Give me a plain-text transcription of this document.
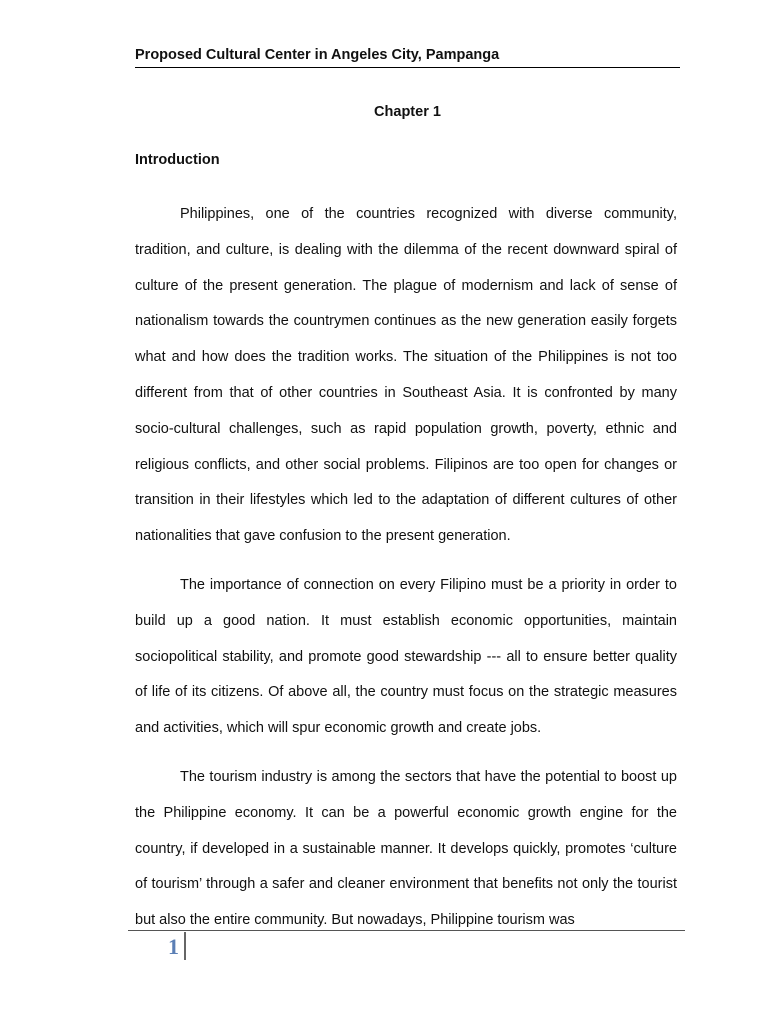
Proposed Cultural Center in Angeles City, Pampanga
Chapter 1
Introduction

Philippines, one of the countries recognized with diverse community, tradition, and culture, is dealing with the dilemma of the recent downward spiral of culture of the present generation. The plague of modernism and lack of sense of nationalism towards the countrymen continues as the new generation easily forgets what and how does the tradition works. The situation of the Philippines is not too different from that of other countries in Southeast Asia. It is confronted by many socio-cultural challenges, such as rapid population growth, poverty, ethnic and religious conflicts, and other social problems. Filipinos are too open for changes or transition in their lifestyles which led to the adaptation of different cultures of other nationalities that gave confusion to the present generation.

The importance of connection on every Filipino must be a priority in order to build up a good nation. It must establish economic opportunities, maintain sociopolitical stability, and promote good stewardship --- all to ensure better quality of life of its citizens. Of above all, the country must focus on the strategic measures and activities, which will spur economic growth and create jobs.

The tourism industry is among the sectors that have the potential to boost up the Philippine economy. It can be a powerful economic growth engine for the country, if developed in a sustainable manner. It develops quickly, promotes ‘culture of tourism’ through a safer and cleaner environment that benefits not only the tourist but also the entire community. But nowadays, Philippine tourism was

1
